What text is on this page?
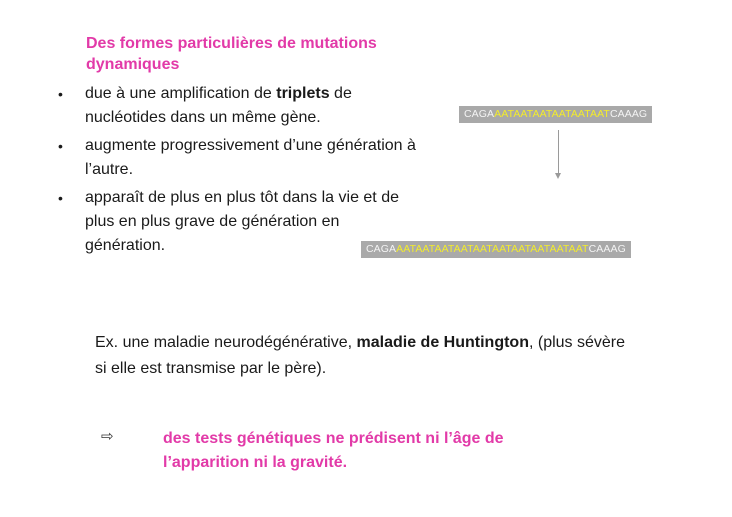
Des formes particulières de mutations dynamiques
• due à une amplification de triplets de nucléotides dans un même gène.
• augmente progressivement d’une génération à l’autre.
• apparaît de plus en plus tôt dans la vie et de plus en plus grave de génération en génération.
CAGAAATAATAATAATAATAATCAAAG
CAGAAATAATAATAATAATAATAATAATAATAATCAAAG
Ex. une maladie neurodégénérative, maladie de Huntington, (plus sévère si elle est transmise par le père).
⇨	des tests génétiques ne prédisent ni l’âge de l’apparition ni la gravité.
